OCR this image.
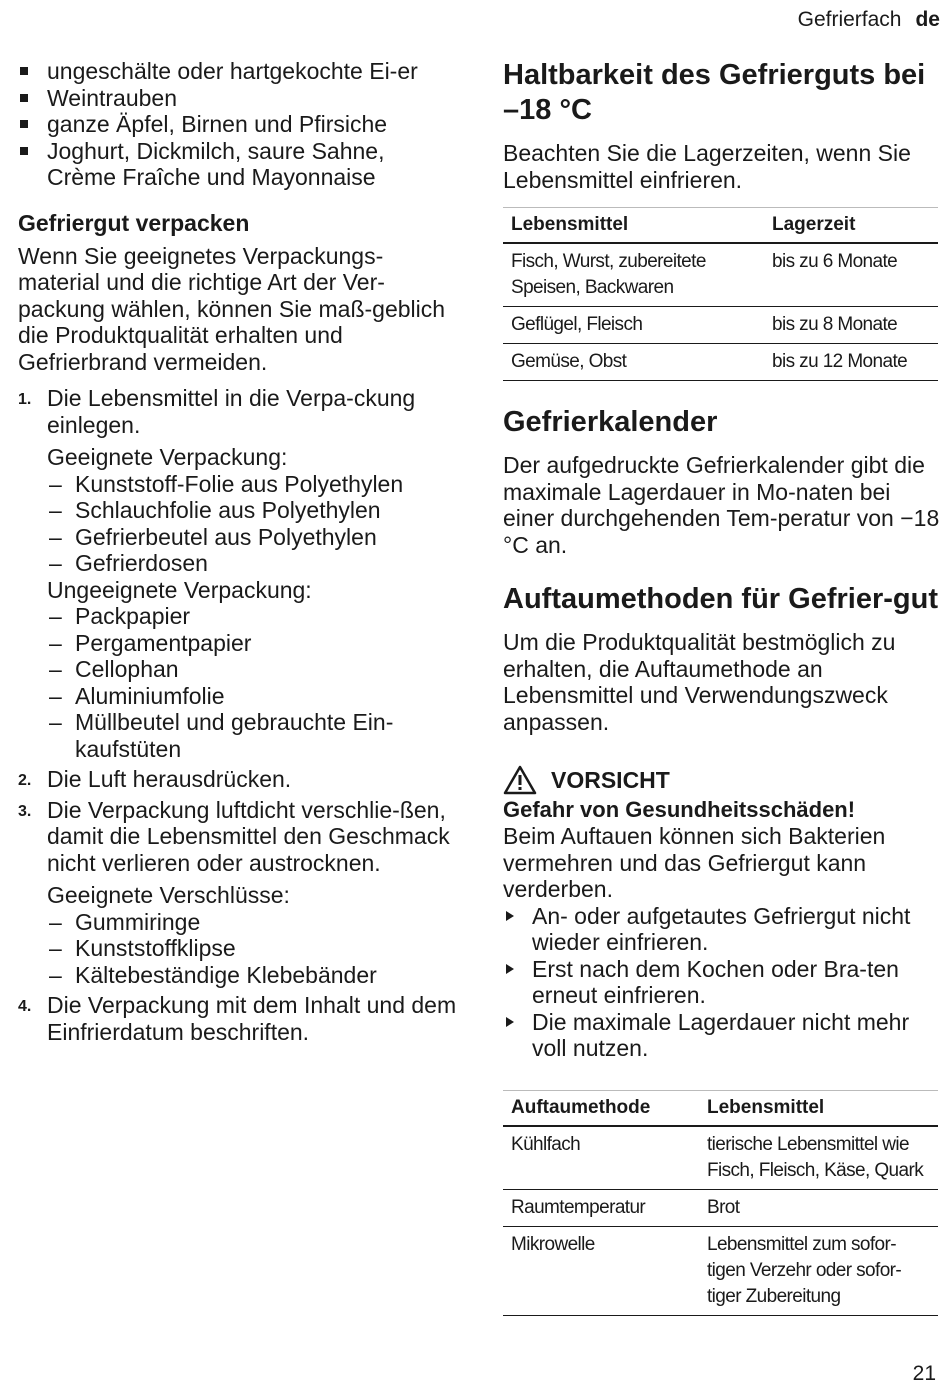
Gefrierfach de
ungeschälte oder hartgekochte Ei-er
Weintrauben
ganze Äpfel, Birnen und Pfirsiche
Joghurt, Dickmilch, saure Sahne, Crème Fraîche und Mayonnaise
Gefriergut verpacken

Wenn Sie geeignetes Verpackungs-material und die richtige Art der Ver-packung wählen, können Sie maß-geblich die Produktqualität erhalten und Gefrierbrand vermeiden.

1. Die Lebensmittel in die Verpa-ckung einlegen.
Geeignete Verpackung:
– Kunststoff-Folie aus Polyethylen
– Schlauchfolie aus Polyethylen
– Gefrierbeutel aus Polyethylen
– Gefrierdosen
Ungeeignete Verpackung:
– Packpapier
– Pergamentpapier
– Cellophan
– Aluminiumfolie
– Müllbeutel und gebrauchte Ein-kaufstüten
2. Die Luft herausdrücken.
3. Die Verpackung luftdicht verschlie-ßen, damit die Lebensmittel den Geschmack nicht verlieren oder austrocknen.
Geeignete Verschlüsse:
– Gummiringe
– Kunststoffklipse
– Kältebeständige Klebebänder
4. Die Verpackung mit dem Inhalt und dem Einfrierdatum beschriften.
Haltbarkeit des Gefrierguts bei –18 °C

Beachten Sie die Lagerzeiten, wenn Sie Lebensmittel einfrieren.

Lebensmittel	Lagerzeit
Fisch, Wurst, zubereitete Speisen, Backwaren	bis zu 6 Monate
Geflügel, Fleisch	bis zu 8 Monate
Gemüse, Obst	bis zu 12 Monate
Gefrierkalender

Der aufgedruckte Gefrierkalender gibt die maximale Lagerdauer in Mo-naten bei einer durchgehenden Tem-peratur von −18 °C an.

Auftaumethoden für Gefrier-gut

Um die Produktqualität bestmöglich zu erhalten, die Auftaumethode an Lebensmittel und Verwendungszweck anpassen.

VORSICHT

Gefahr von Gesundheitsschäden!

Beim Auftauen können sich Bakterien vermehren und das Gefriergut kann verderben.

An- oder aufgetautes Gefriergut nicht wieder einfrieren.
Erst nach dem Kochen oder Bra-ten erneut einfrieren.
Die maximale Lagerdauer nicht mehr voll nutzen.
Auftaumethode	Lebensmittel
Kühlfach	tierische Lebensmittel wie Fisch, Fleisch, Käse, Quark
Raumtemperatur	Brot
Mikrowelle	Lebensmittel zum sofor-tigen Verzehr oder sofor-tiger Zubereitung
21
